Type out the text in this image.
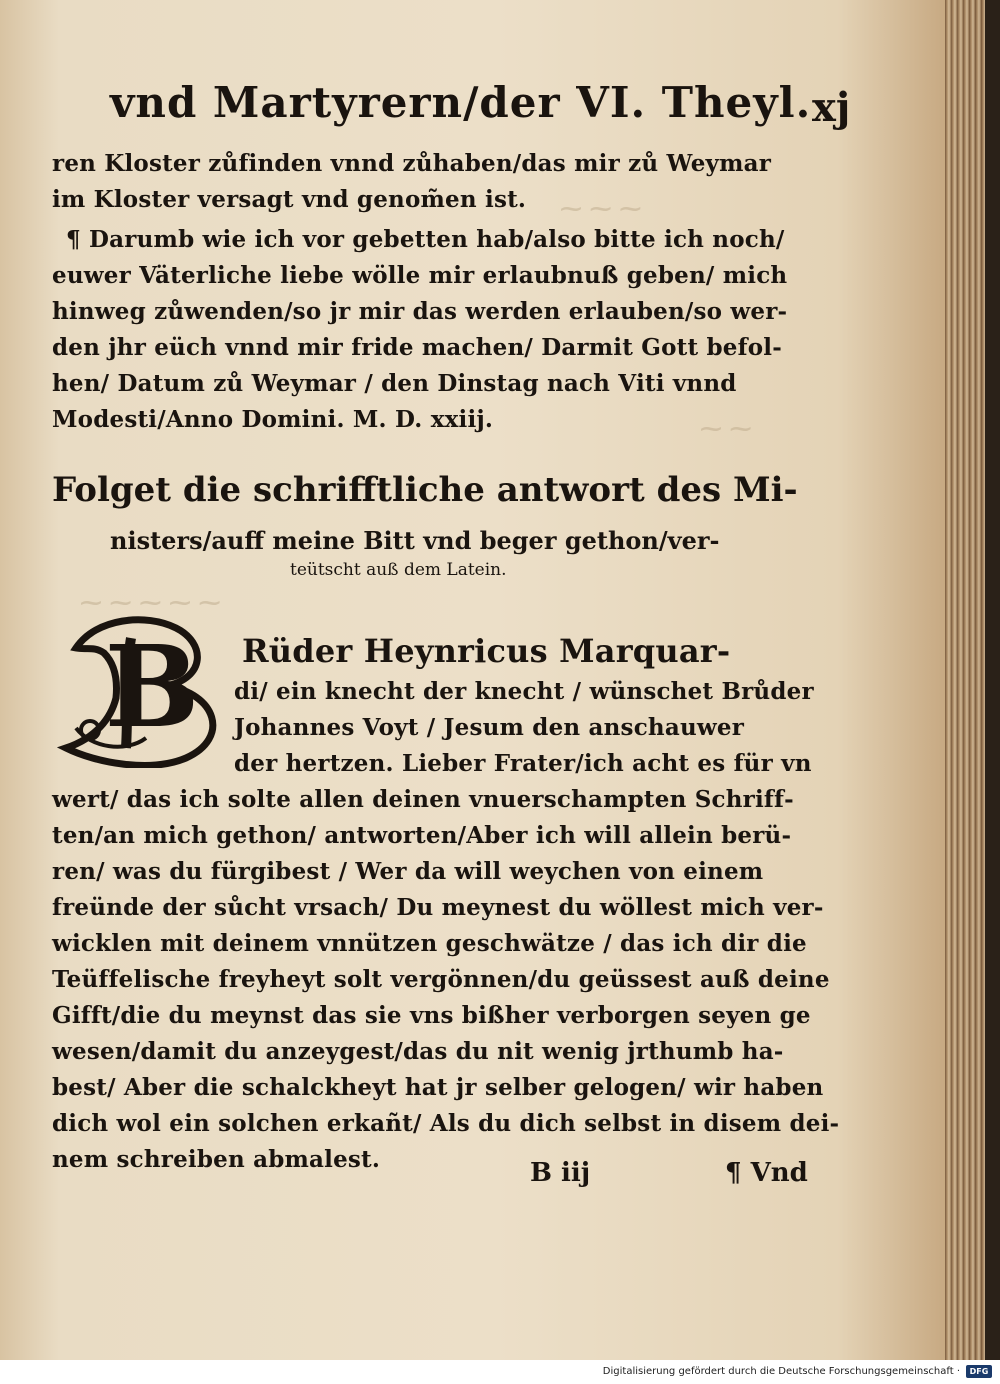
⁓ ⁓ ⁓
⁓ ⁓
⁓ ⁓ ⁓ ⁓ ⁓
vnd Martyrern/der VI. Theyl. xj
ren Kloster zůfinden vnnd zůhaben/das mir zů Weymar
im Kloster versagt vnd genom̃en ist.
¶ Darumb wie ich vor gebetten hab/also bitte ich noch/
euwer Väterliche liebe wölle mir erlaubnuß geben/ mich
hinweg zůwenden/so jr mir das werden erlauben/so wer‑
den jhr eüch vnnd mir fride machen/ Darmit Gott befol‑
hen/ Datum zů Weymar / den Dinstag nach Viti vnnd
Modesti/Anno Domini. M. D. xxiij.
Folget die schrifftliche antwort des Mi‑
nisters/auff meine Bitt vnd beger gethon/ver‑
teütscht auß dem Latein.
B Rüder Heynricus Marquar‑
di/ ein knecht der knecht / wünschet Brůder
Johannes Voyt / Jesum den anschauwer
der hertzen. Lieber Frater/ich acht es für vn
wert/ das ich solte allen deinen vnuerschampten Schriff‑
ten/an mich gethon/ antworten/Aber ich will allein berü‑
ren/ was du fürgibest / Wer da will weychen von einem
freünde der sůcht vrsach/ Du meynest du wöllest mich ver‑
wicklen mit deinem vnnützen geschwätze / das ich dir die
Teüffelische freyheyt solt vergönnen/du geüssest auß deine
Gifft/die du meynst das sie vns bißher verborgen seyen ge
wesen/damit du anzeygest/das du nit wenig jrthumb ha‑
best/ Aber die schalckheyt hat jr selber gelogen/ wir haben
dich wol ein solchen erkañt/ Als du dich selbst in disem dei‑
nem schreiben abmalest.	B iij	¶ Vnd
Digitalisierung gefördert durch die Deutsche Forschungsgemeinschaft ·	DFG
